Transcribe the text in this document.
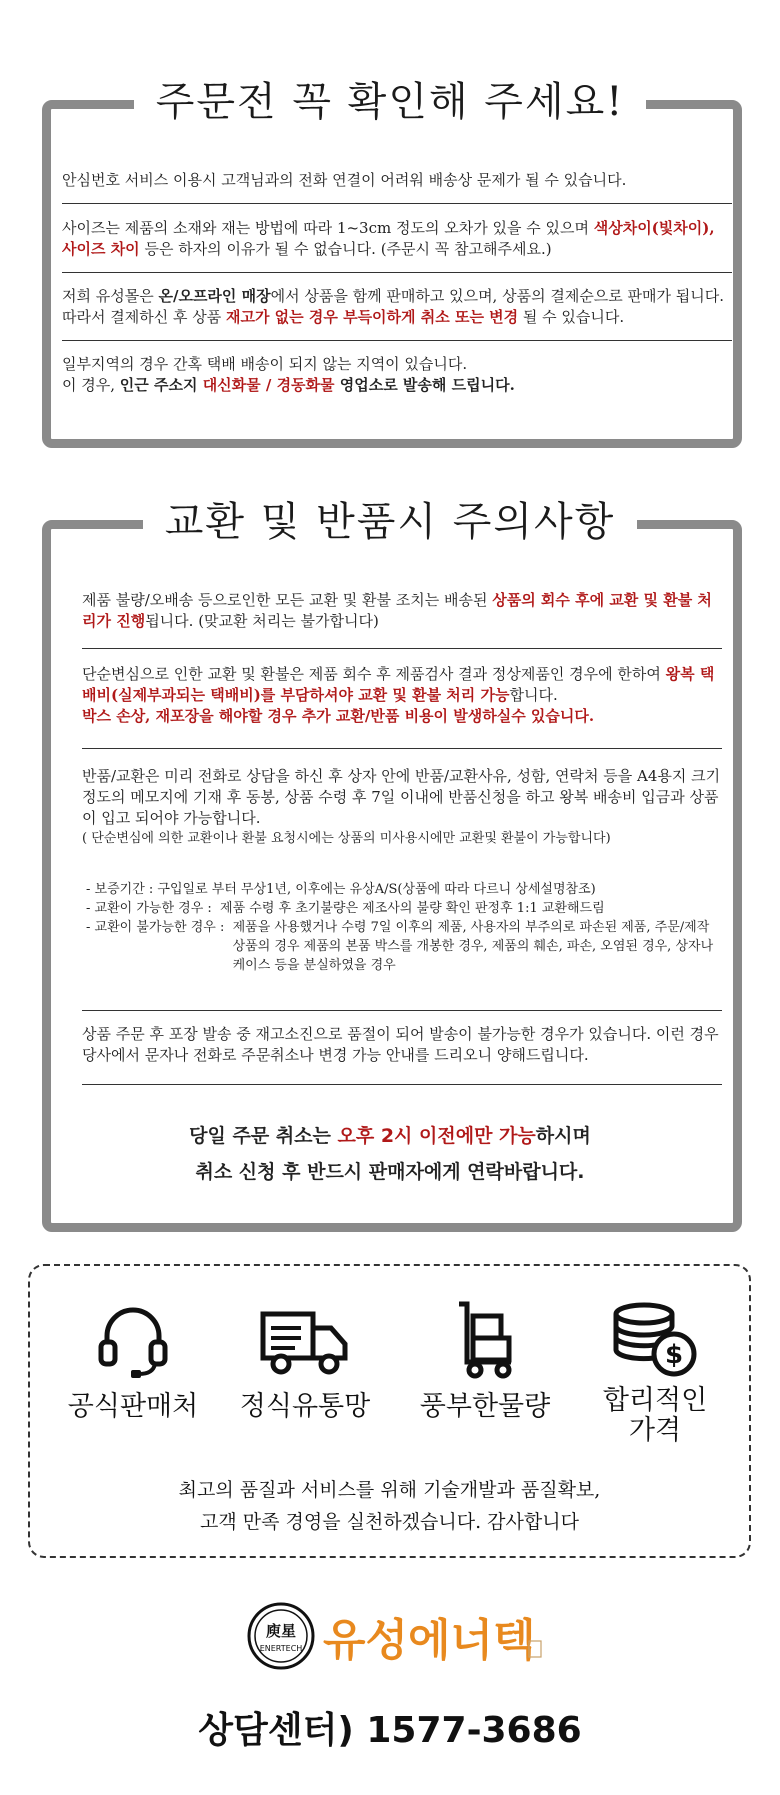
주문전 꼭 확인해 주세요!
안심번호 서비스 이용시 고객님과의 전화 연결이 어려워 배송상 문제가 될 수 있습니다.
사이즈는 제품의 소재와 재는 방법에 따라 1~3cm 정도의 오차가 있을 수 있으며 색상차이(빛차이), 사이즈 차이 등은 하자의 이유가 될 수 없습니다. (주문시 꼭 참고해주세요.)
저희 유성몰은 온/오프라인 매장에서 상품을 함께 판매하고 있으며, 상품의 결제순으로 판매가 됩니다. 따라서 결제하신 후 상품 재고가 없는 경우 부득이하게 취소 또는 변경 될 수 있습니다.
일부지역의 경우 간혹 택배 배송이 되지 않는 지역이 있습니다.
이 경우, 인근 주소지 대신화물 / 경동화물 영업소로 발송해 드립니다.
교환 및 반품시 주의사항
제품 불량/오배송 등으로인한 모든 교환 및 환불 조치는 배송된 상품의 회수 후에 교환 및 환불 처리가 진행됩니다. (맞교환 처리는 불가합니다)
단순변심으로 인한 교환 및 환불은 제품 회수 후 제품검사 결과 정상제품인 경우에 한하여 왕복 택배비(실제부과되는 택배비)를 부담하셔야 교환 및 환불 처리 가능합니다.
박스 손상, 재포장을 해야할 경우 추가 교환/반품 비용이 발생하실수 있습니다.
반품/교환은 미리 전화로 상담을 하신 후 상자 안에 반품/교환사유, 성함, 연락처 등을 A4용지 크기 정도의 메모지에 기재 후 동봉, 상품 수령 후 7일 이내에 반품신청을 하고 왕복 배송비 입금과 상품이 입고 되어야 가능합니다.
( 단순변심에 의한 교환이나 환불 요청시에는 상품의 미사용시에만 교환및 환불이 가능합니다)
- 보증기간 : 구입일로 부터 무상1년, 이후에는 유상A/S(상품에 따라 다르니 상세설명참조)
- 교환이 가능한 경우 : 제품 수령 후 초기불량은 제조사의 불량 확인 판정후 1:1 교환해드림
- 교환이 불가능한 경우 : 제품을 사용했거나 수령 7일 이후의 제품, 사용자의 부주의로 파손된 제품, 주문/제작 상품의 경우 제품의 본품 박스를 개봉한 경우, 제품의 훼손, 파손, 오염된 경우, 상자나 케이스 등을 분실하였을 경우
상품 주문 후 포장 발송 중 재고소진으로 품절이 되어 발송이 불가능한 경우가 있습니다. 이런 경우 당사에서 문자나 전화로 주문취소나 변경 가능 안내를 드리오니 양해드립니다.
당일 주문 취소는 오후 2시 이전에만 가능하시며
취소 신청 후 반드시 판매자에게 연락바랍니다.
공식판매처	정식유통망	풍부한물량
$
합리적인
가격
최고의 품질과 서비스를 위해 기술개발과 품질확보,
고객 만족 경영을 실천하겠습니다. 감사합니다
庾星
ENERTECH 유성에너텍
상담센터) 1577-3686
